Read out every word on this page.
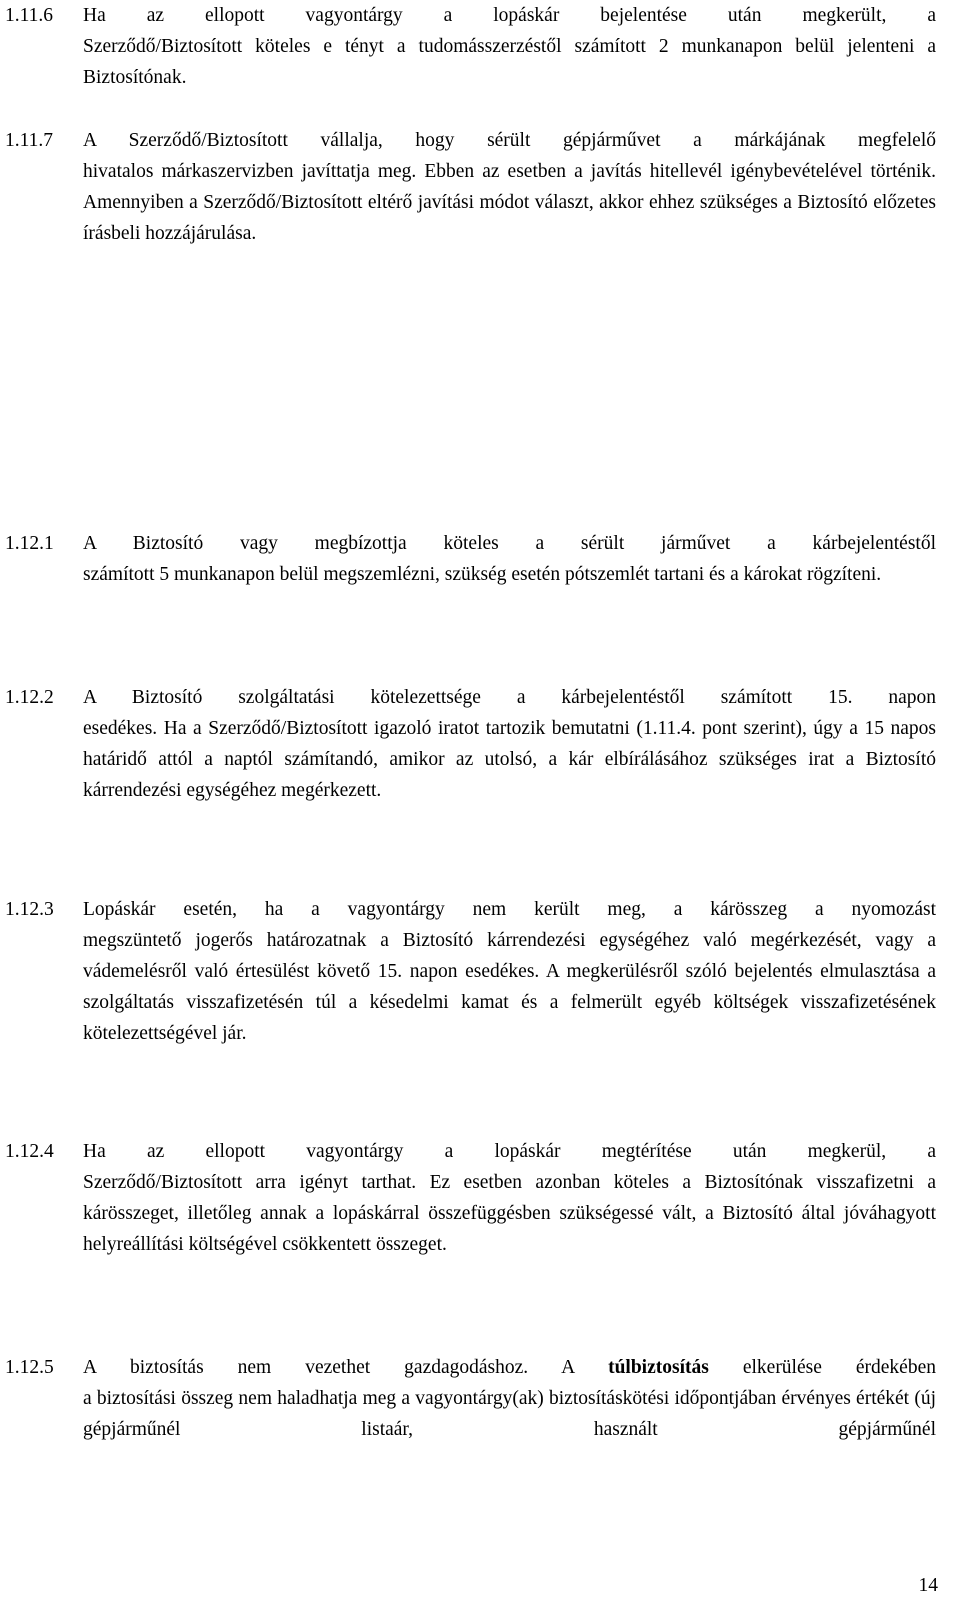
1.11.6 Ha az ellopott vagyontárgy a lopáskár bejelentése után megkerült, a
Szerződő/Biztosított köteles e tényt a tudomásszerzéstől számított 2 munkanapon belül jelenteni a Biztosítónak.
1.11.7 A Szerződő/Biztosított vállalja, hogy sérült gépjárművet a márkájának megfelelő
hivatalos márkaszervizben javíttatja meg. Ebben az esetben a javítás hitellevél igénybevételével történik. Amennyiben a Szerződő/Biztosított eltérő javítási módot választ, akkor ehhez szükséges a Biztosító előzetes írásbeli hozzájárulása.
1.12.1 A Biztosító vagy megbízottja köteles a sérült járművet a kárbejelentéstől
számított 5 munkanapon belül megszemlézni, szükség esetén pótszemlét tartani és a károkat rögzíteni.
1.12.2 A Biztosító szolgáltatási kötelezettsége a kárbejelentéstől számított 15. napon
esedékes. Ha a Szerződő/Biztosított igazoló iratot tartozik bemutatni (1.11.4. pont szerint), úgy a 15 napos határidő attól a naptól számítandó, amikor az utolsó, a kár elbírálásához szükséges irat a Biztosító kárrendezési egységéhez megérkezett.
1.12.3 Lopáskár esetén, ha a vagyontárgy nem került meg, a kárösszeg a nyomozást
megszüntető jogerős határozatnak a Biztosító kárrendezési egységéhez való megérkezését, vagy a vádemelésről való értesülést követő 15. napon esedékes. A megkerülésről szóló bejelentés elmulasztása a szolgáltatás visszafizetésén túl a késedelmi kamat és a felmerült egyéb költségek visszafizetésének kötelezettségével jár.
1.12.4 Ha az ellopott vagyontárgy a lopáskár megtérítése után megkerül, a
Szerződő/Biztosított arra igényt tarthat. Ez esetben azonban köteles a Biztosítónak visszafizetni a kárösszeget, illetőleg annak a lopáskárral összefüggésben szükségessé vált, a Biztosító által jóváhagyott helyreállítási költségével csökkentett összeget.
1.12.5 A biztosítás nem vezethet gazdagodáshoz. A túlbiztosítás elkerülése érdekében
a biztosítási összeg nem haladhatja meg a vagyontárgy(ak) biztosításkötési időpontjában érvényes értékét (új gépjárműnél listaár, használt gépjárműnél
14
